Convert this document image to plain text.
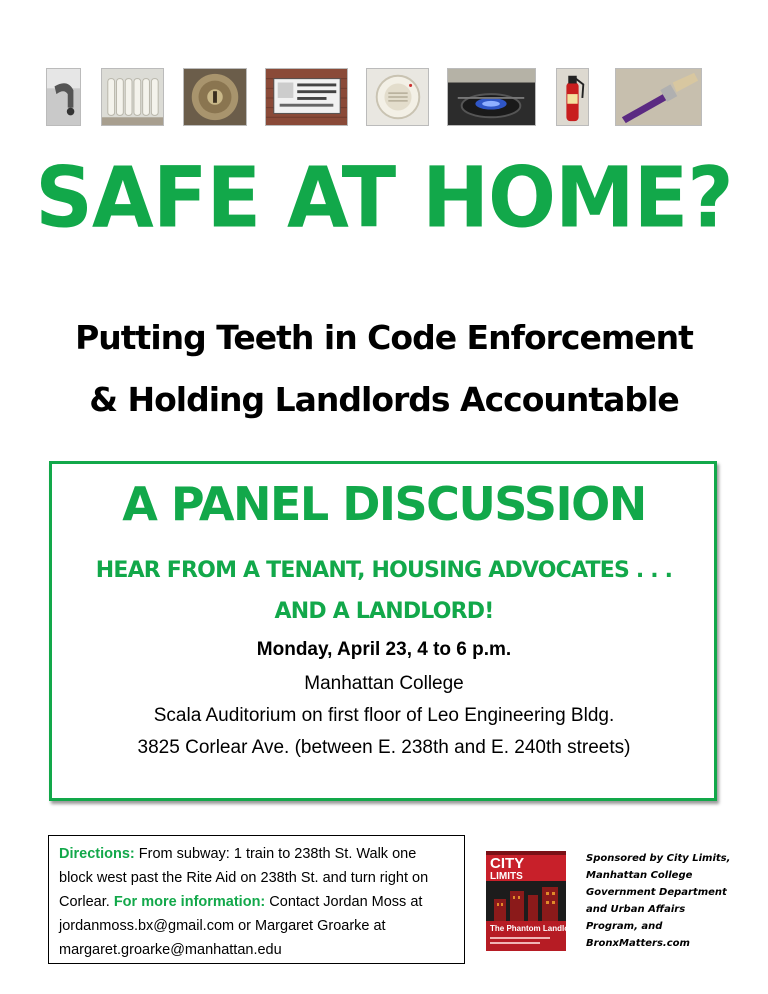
SAFE AT HOME?
Putting Teeth in Code Enforcement
& Holding Landlords Accountable
A PANEL DISCUSSION
HEAR FROM A TENANT, HOUSING ADVOCATES . . .
AND A LANDLORD!
Monday, April 23, 4 to 6 p.m.
Manhattan College
Scala Auditorium on first floor of Leo Engineering Bldg.
3825 Corlear Ave. (between E. 238th and E. 240th streets)
Directions: From subway: 1 train to 238th St. Walk one block west past the Rite Aid on 238th St. and turn right on Corlear. For more information: Contact Jordan Moss at jordanmoss.bx@gmail.com or Margaret Groarke at margaret.groarke@manhattan.edu
CITY
LIMITS
The Phantom Landlord
Sponsored by City Limits,
Manhattan College
Government Department
and Urban Affairs
Program, and
BronxMatters.com
